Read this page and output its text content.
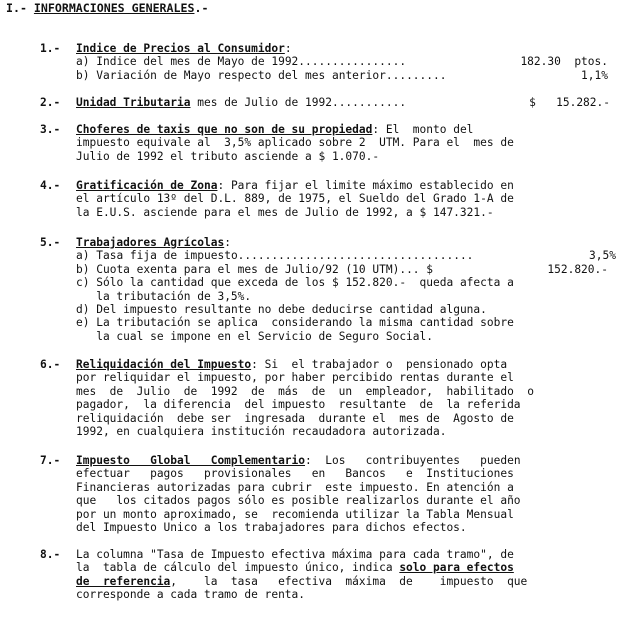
I.- INFORMACIONES GENERALES.-
1.- Indice de Precios al Consumidor:
a) Indice del mes de Mayo de 1992................	182.30  ptos.
b) Variación de Mayo respecto del mes anterior.........	1,1%
2.- Unidad Tributaria mes de Julio de 1992...........	$   15.282.-
3.- Choferes de taxis que no son de su propiedad: El  monto del
impuesto equivale al  3,5% aplicado sobre 2  UTM. Para el  mes de
Julio de 1992 el tributo asciende a $ 1.070.-
4.- Gratificación de Zona: Para fijar el limite máximo establecido en
el artículo 13º del D.L. 889, de 1975, el Sueldo del Grado 1-A de
la E.U.S. asciende para el mes de Julio de 1992, a $ 147.321.-
5.- Trabajadores Agrícolas:
a) Tasa fija de impuesto...................................	3,5%
b) Cuota exenta para el mes de Julio/92 (10 UTM)... $	152.820.-
c) Sólo la cantidad que exceda de los $ 152.820.-  queda afecta a
la tributación de 3,5%.
d) Del impuesto resultante no debe deducirse cantidad alguna.
e) La tributación se aplica  considerando la misma cantidad sobre
la cual se impone en el Servicio de Seguro Social.
6.- Reliquidación del Impuesto: Si  el trabajador o  pensionado opta
por reliquidar el impuesto, por haber percibido rentas durante el
mes  de  Julio  de  1992  de  más  de  un  empleador,  habilitado  o
pagador,  la diferencia  del impuesto  resultante  de  la referida
reliquidación  debe ser  ingresada  durante el  mes de  Agosto de
1992, en cualquiera institución recaudadora autorizada.
7.- Impuesto   Global   Complementario:  Los   contribuyentes   pueden
efectuar   pagos   provisionales   en   Bancos   e  Instituciones
Financieras autorizadas para cubrir  este impuesto. En atención a
que   los citados pagos sólo es posible realizarlos durante el año
por un monto aproximado, se  recomienda utilizar la Tabla Mensual
del Impuesto Unico a los trabajadores para dichos efectos.
8.- La columna "Tasa de Impuesto efectiva máxima para cada tramo", de
la  tabla de cálculo del impuesto único, indica solo para efectos
de  referencia,    la  tasa   efectiva  máxima  de    impuesto  que
corresponde a cada tramo de renta.
